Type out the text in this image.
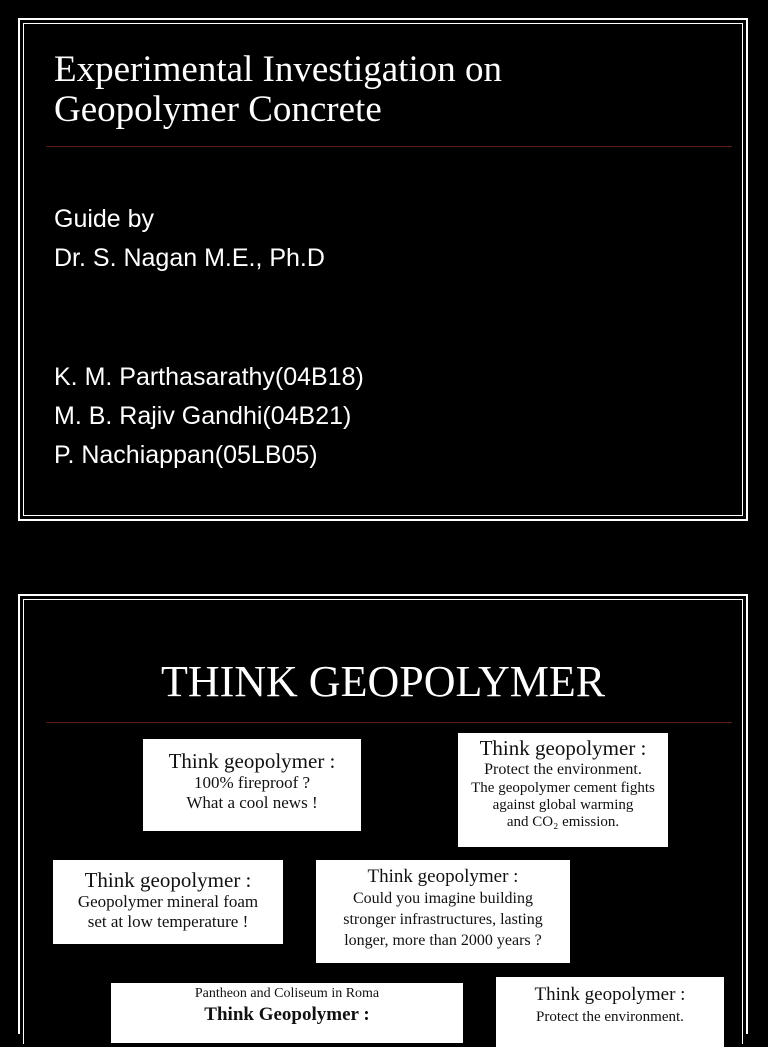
Experimental Investigation on
Geopolymer Concrete
Guide by
Dr. S. Nagan M.E., Ph.D
K. M. Parthasarathy(04B18)
M. B. Rajiv Gandhi(04B21)
P. Nachiappan(05LB05)
THINK GEOPOLYMER
Think geopolymer :
100% fireproof ?
What a cool news !
Think geopolymer :
Protect the environment.
The geopolymer cement fights
against global warming
and CO₂ emission.
Think geopolymer :
Geopolymer mineral foam
set at low temperature !
Think geopolymer :
Could you imagine building
stronger infrastructures, lasting
longer, more than 2000 years ?
Pantheon and Coliseum in Roma
Think Geopolymer :
Think geopolymer :
Protect the environment.
